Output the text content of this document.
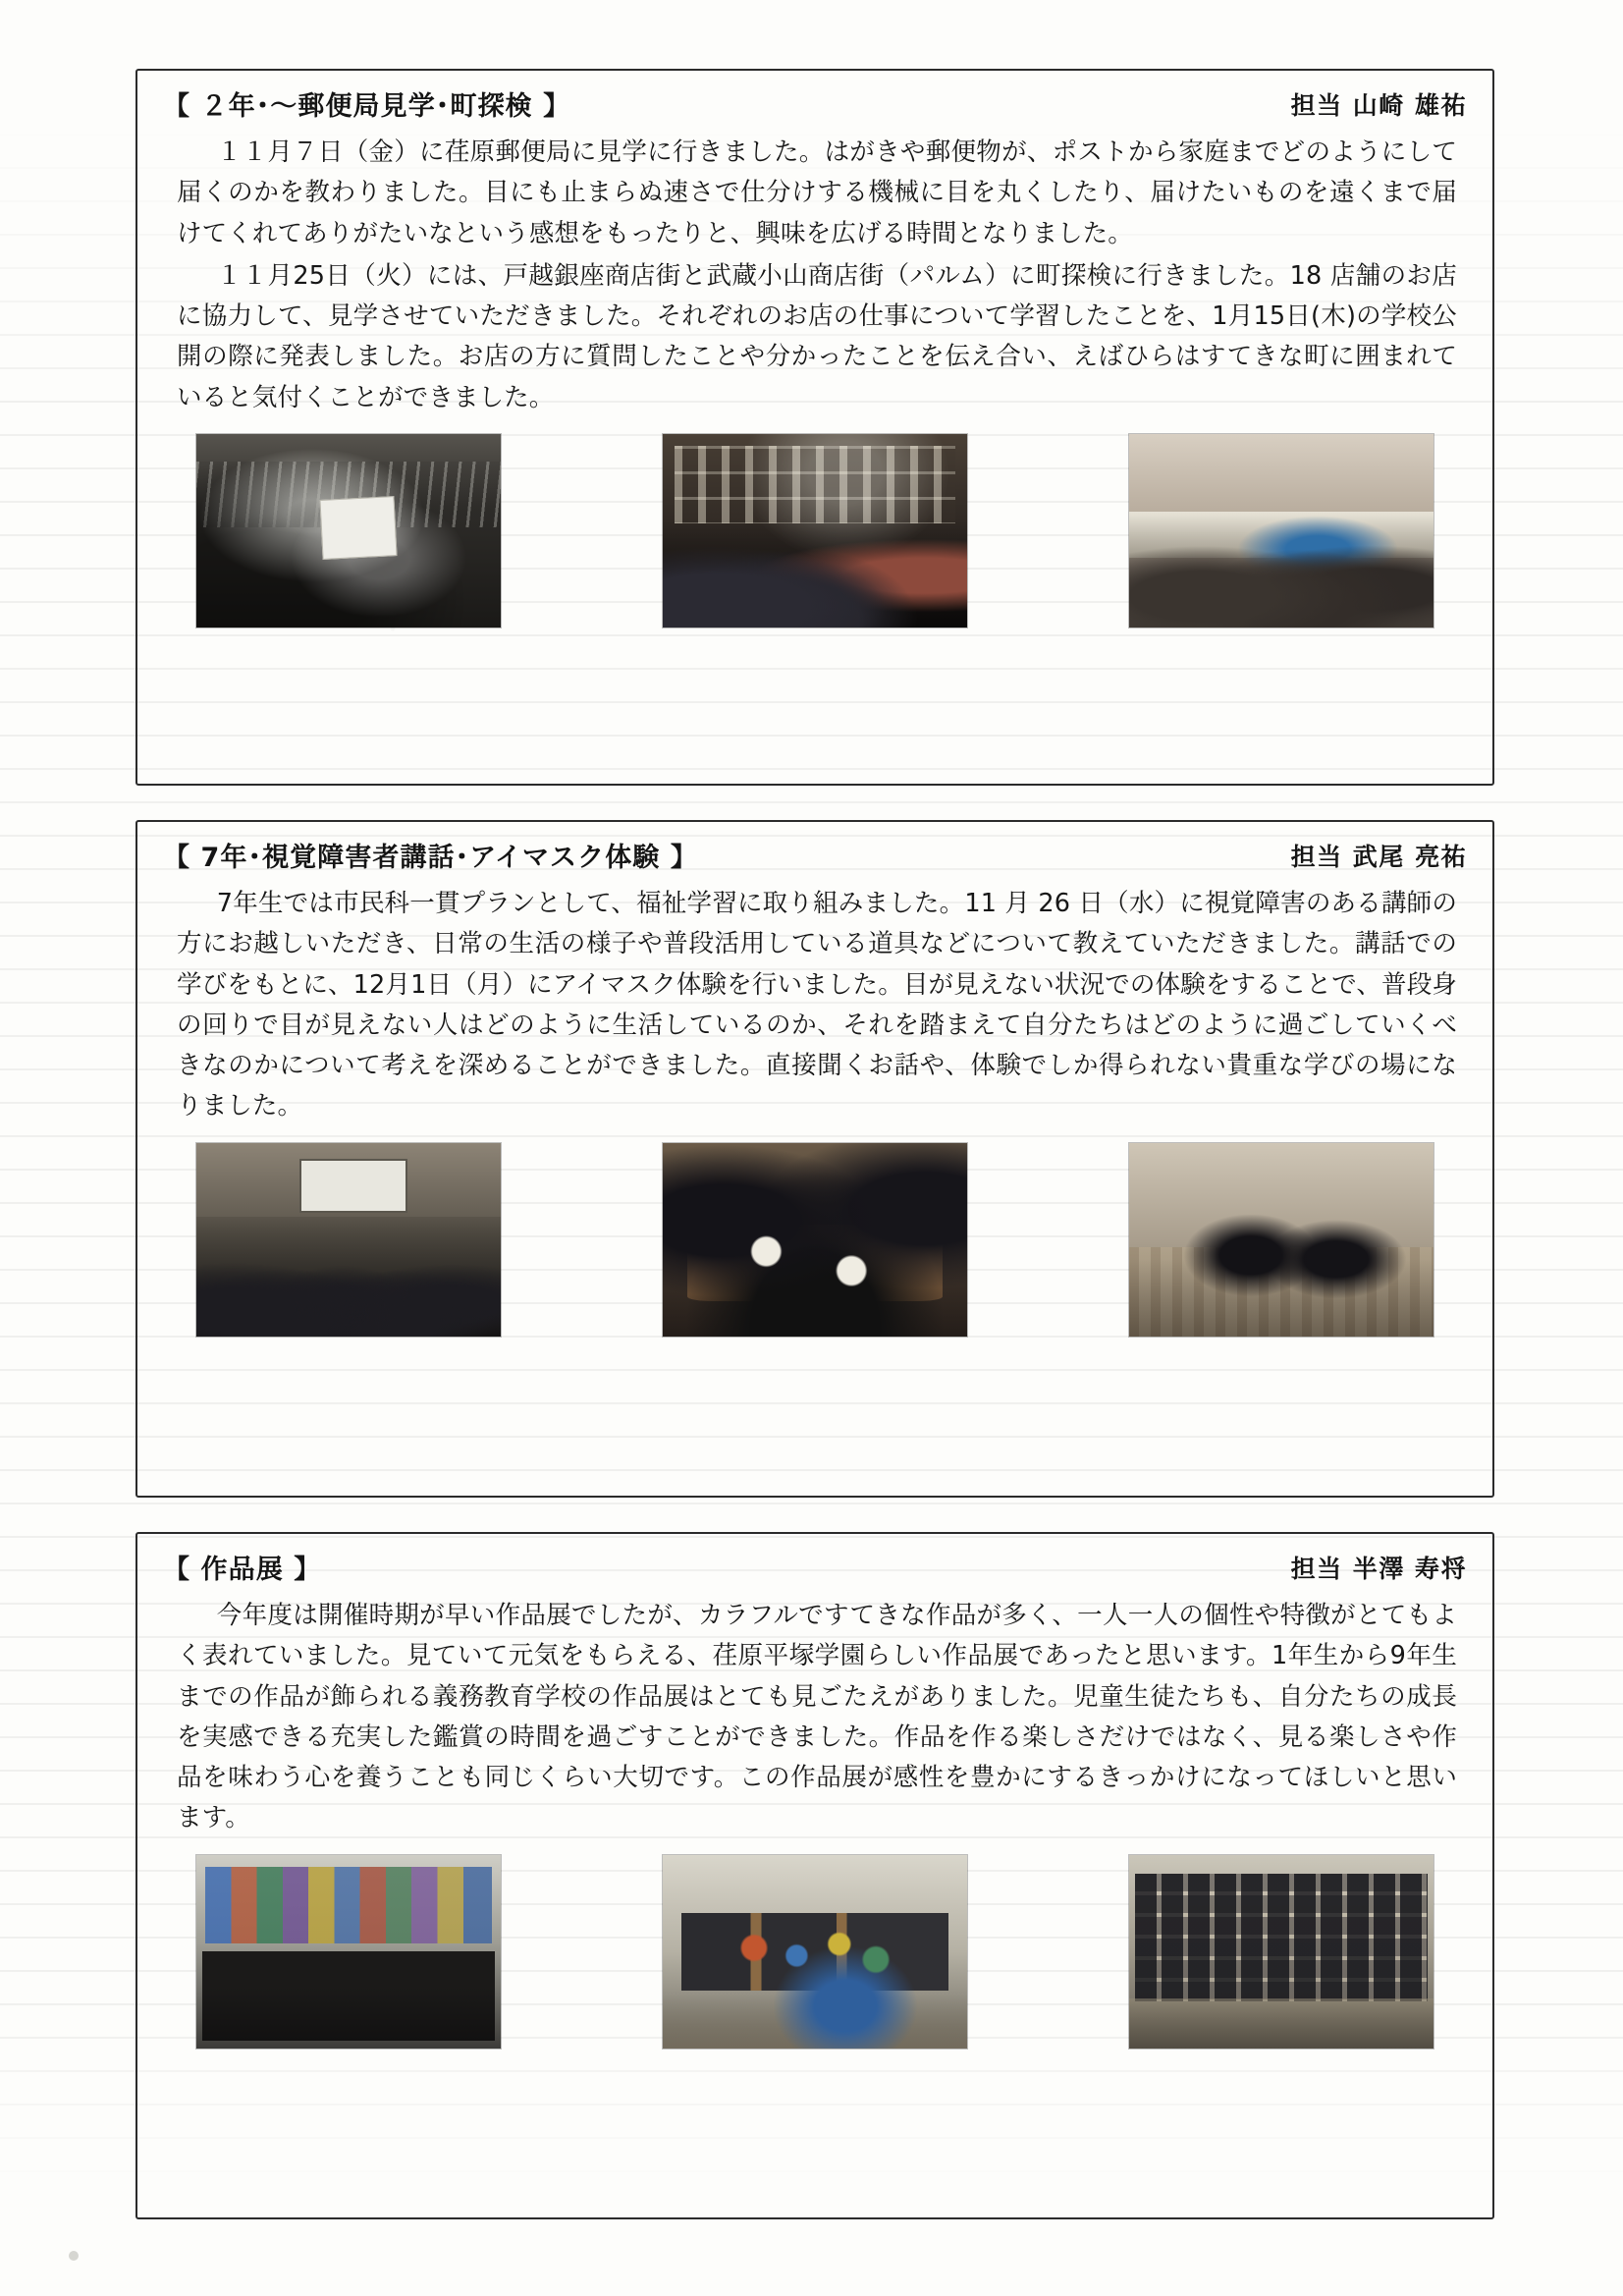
【 ２年･～郵便局見学･町探検 】	担当 山崎 雄祐

１１月７日（金）に荏原郵便局に見学に行きました。はがきや郵便物が、ポストから家庭までどのようにして届くのかを教わりました。目にも止まらぬ速さで仕分けする機械に目を丸くしたり、届けたいものを遠くまで届けてくれてありがたいなという感想をもったりと、興味を広げる時間となりました。

１１月25日（火）には、戸越銀座商店街と武蔵小山商店街（パルム）に町探検に行きました。18 店舗のお店に協力して、見学させていただきました。それぞれのお店の仕事について学習したことを、1月15日(木)の学校公開の際に発表しました。お店の方に質問したことや分かったことを伝え合い、えばひらはすてきな町に囲まれていると気付くことができました。

【 7年･視覚障害者講話･アイマスク体験 】	担当 武尾 亮祐

7年生では市民科一貫プランとして、福祉学習に取り組みました。11 月 26 日（水）に視覚障害のある講師の方にお越しいただき、日常の生活の様子や普段活用している道具などについて教えていただきました。講話での学びをもとに、12月1日（月）にアイマスク体験を行いました。目が見えない状況での体験をすることで、普段身の回りで目が見えない人はどのように生活しているのか、それを踏まえて自分たちはどのように過ごしていくべきなのかについて考えを深めることができました。直接聞くお話や、体験でしか得られない貴重な学びの場になりました。

【 作品展 】	担当 半澤 寿将

今年度は開催時期が早い作品展でしたが、カラフルですてきな作品が多く、一人一人の個性や特徴がとてもよく表れていました。見ていて元気をもらえる、荏原平塚学園らしい作品展であったと思います。1年生から9年生までの作品が飾られる義務教育学校の作品展はとても見ごたえがありました。児童生徒たちも、自分たちの成長を実感できる充実した鑑賞の時間を過ごすことができました。作品を作る楽しさだけではなく、見る楽しさや作品を味わう心を養うことも同じくらい大切です。この作品展が感性を豊かにするきっかけになってほしいと思います。
